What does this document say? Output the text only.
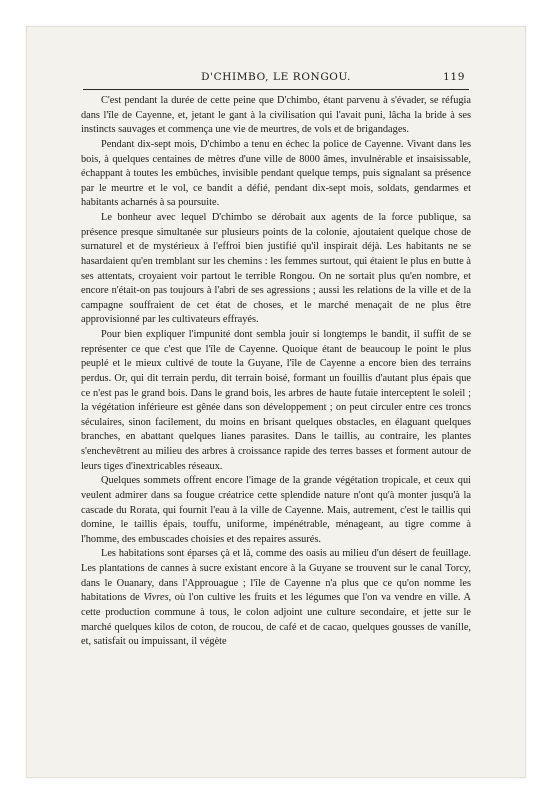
D'CHIMBO, LE RONGOU.	119

C'est pendant la durée de cette peine que D'chimbo, étant parvenu à s'évader, se réfugia dans l'île de Cayenne, et, jetant le gant à la civilisation qui l'avait puni, lâcha la bride à ses instincts sauvages et commença une vie de meurtres, de vols et de brigandages.

Pendant dix-sept mois, D'chimbo a tenu en échec la police de Cayenne. Vivant dans les bois, à quelques centaines de mètres d'une ville de 8000 âmes, invulnérable et insaisissable, échappant à toutes les embûches, invisible pendant quelque temps, puis signalant sa présence par le meurtre et le vol, ce bandit a défié, pendant dix-sept mois, soldats, gendarmes et habitants acharnés à sa poursuite.

Le bonheur avec lequel D'chimbo se dérobait aux agents de la force publique, sa présence presque simultanée sur plusieurs points de la colonie, ajoutaient quelque chose de surnaturel et de mystérieux à l'effroi bien justifié qu'il inspirait déjà. Les habitants ne se hasardaient qu'en tremblant sur les chemins : les femmes surtout, qui étaient le plus en butte à ses attentats, croyaient voir partout le terrible Rongou. On ne sortait plus qu'en nombre, et encore n'était-on pas toujours à l'abri de ses agressions ; aussi les relations de la ville et de la campagne souffraient de cet état de choses, et le marché menaçait de ne plus être approvisionné par les cultivateurs effrayés.

Pour bien expliquer l'impunité dont sembla jouir si longtemps le bandit, il suffit de se représenter ce que c'est que l'île de Cayenne. Quoique étant de beaucoup le point le plus peuplé et le mieux cultivé de toute la Guyane, l'île de Cayenne a encore bien des terrains perdus. Or, qui dit terrain perdu, dit terrain boisé, formant un fouillis d'autant plus épais que ce n'est pas le grand bois. Dans le grand bois, les arbres de haute futaie interceptent le soleil ; la végétation inférieure est gênée dans son développement ; on peut circuler entre ces troncs séculaires, sinon facilement, du moins en brisant quelques obstacles, en élaguant quelques branches, en abattant quelques lianes parasites. Dans le taillis, au contraire, les plantes s'enchevêtrent au milieu des arbres à croissance rapide des terres basses et forment autour de leurs tiges d'inextricables réseaux.

Quelques sommets offrent encore l'image de la grande végétation tropicale, et ceux qui veulent admirer dans sa fougue créatrice cette splendide nature n'ont qu'à monter jusqu'à la cascade du Rorata, qui fournit l'eau à la ville de Cayenne. Mais, autrement, c'est le taillis qui domine, le taillis épais, touffu, uniforme, impénétrable, ménageant, au tigre comme à l'homme, des embuscades choisies et des repaires assurés.

Les habitations sont éparses çà et là, comme des oasis au milieu d'un désert de feuillage. Les plantations de cannes à sucre existant encore à la Guyane se trouvent sur le canal Torcy, dans le Ouanary, dans l'Approuague ; l'île de Cayenne n'a plus que ce qu'on nomme les habitations de Vivres, où l'on cultive les fruits et les légumes que l'on va vendre en ville. A cette production commune à tous, le colon adjoint une culture secondaire, et jette sur le marché quelques kilos de coton, de roucou, de café et de cacao, quelques gousses de vanille, et, satisfait ou impuissant, il végète
